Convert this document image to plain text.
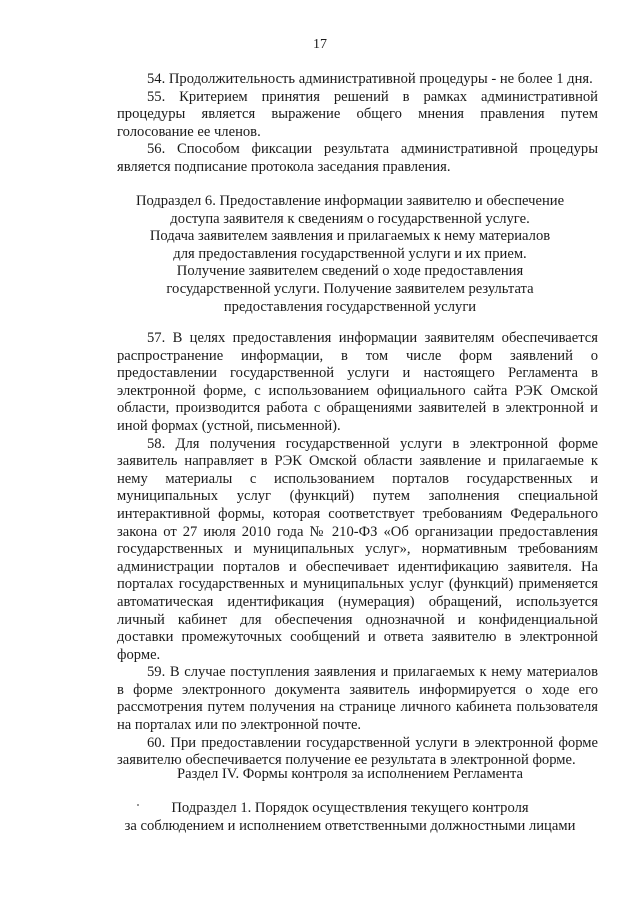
17

54. Продолжительность административной процедуры - не более 1 дня.

55. Критерием принятия решений в рамках административной процедуры является выражение общего мнения правления путем голосование ее членов.

56. Способом фиксации результата административной процедуры является подписание протокола заседания правления.

Подраздел 6. Предоставление информации заявителю и обеспечение
доступа заявителя к сведениям о государственной услуге.
Подача заявителем заявления и прилагаемых к нему материалов
для предоставления государственной услуги и их прием.
Получение заявителем сведений о ходе предоставления
государственной услуги. Получение заявителем результата
предоставления государственной услуги

57. В целях предоставления информации заявителям обеспечивается распространение информации, в том числе форм заявлений о предоставлении государственной услуги и настоящего Регламента в электронной форме, с использованием официального сайта РЭК Омской области, производится работа с обращениями заявителей в электронной и иной формах (устной, письменной).

58. Для получения государственной услуги в электронной форме заявитель направляет в РЭК Омской области заявление и прилагаемые к нему материалы с использованием порталов государственных и муниципальных услуг (функций) путем заполнения специальной интерактивной формы, которая соответствует требованиям Федерального закона от 27 июля 2010 года № 210-ФЗ «Об организации предоставления государственных и муниципальных услуг», нормативным требованиям администрации порталов и обеспечивает идентификацию заявителя. На порталах государственных и муниципальных услуг (функций) применяется автоматическая идентификация (нумерация) обращений, используется личный кабинет для обеспечения однозначной и конфиденциальной доставки промежуточных сообщений и ответа заявителю в электронной форме.

59. В случае поступления заявления и прилагаемых к нему материалов в форме электронного документа заявитель информируется о ходе его рассмотрения путем получения на странице личного кабинета пользователя на порталах или по электронной почте.

60. При предоставлении государственной услуги в электронной форме заявителю обеспечивается получение ее результата в электронной форме.

Раздел IV. Формы контроля за исполнением Регламента
Подраздел 1. Порядок осуществления текущего контроля
за соблюдением и исполнением ответственными должностными лицами
